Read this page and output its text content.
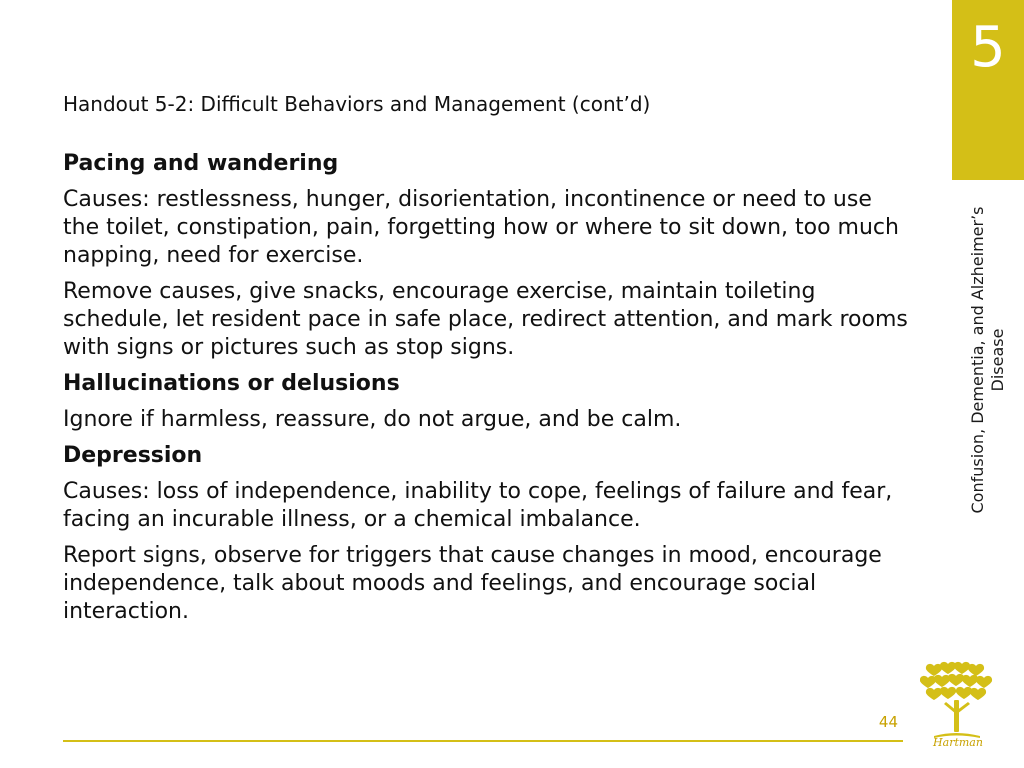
5
Confusion, Dementia, and Alzheimer’s Disease
Handout 5-2: Difficult Behaviors and Management (cont’d)
Pacing and wandering
Causes: restlessness, hunger, disorientation, incontinence or need to use the toilet, constipation, pain, forgetting how or where to sit down, too much napping, need for exercise.
Remove causes, give snacks, encourage exercise, maintain toileting schedule, let resident pace in safe place, redirect attention, and mark rooms with signs or pictures such as stop signs.
Hallucinations or delusions
Ignore if harmless, reassure, do not argue, and be calm.
Depression
Causes: loss of independence, inability to cope, feelings of failure and fear, facing an incurable illness, or a chemical imbalance.
Report signs, observe for triggers that cause changes in mood, encourage independence, talk about moods and feelings, and encourage social interaction.
44
Hartman
